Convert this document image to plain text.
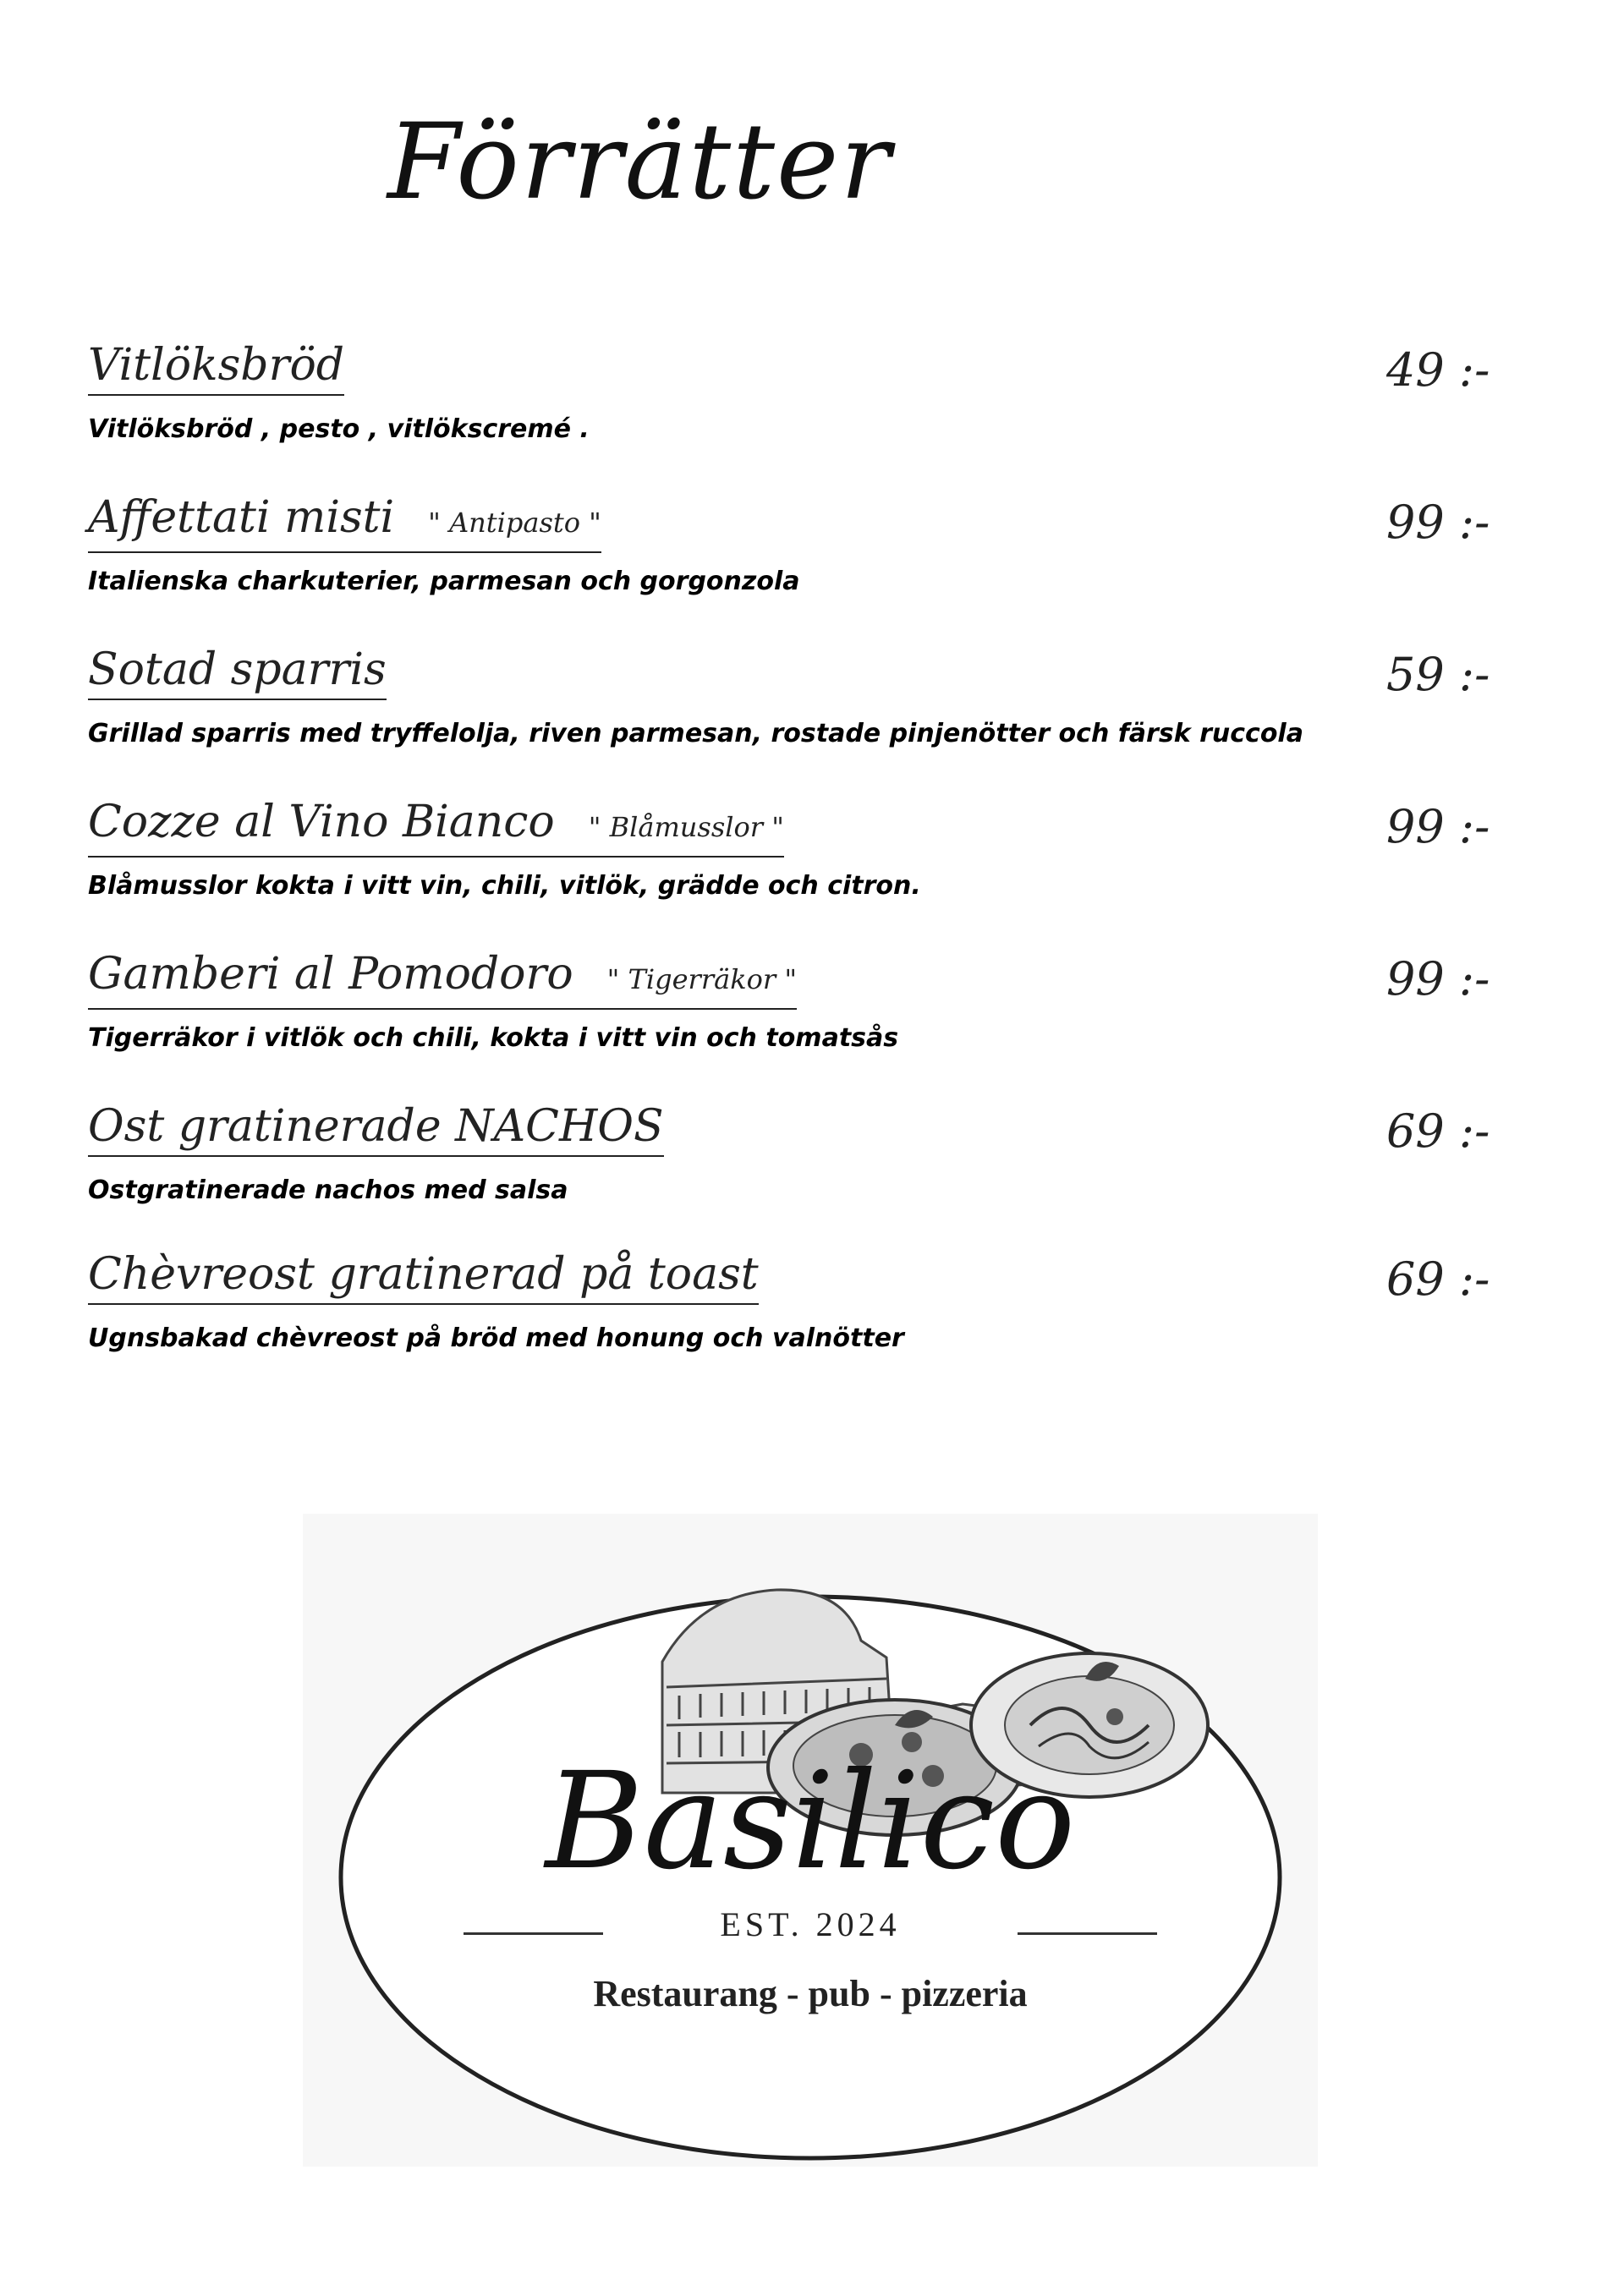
Förrätter
Vitlöksbröd	49 :-
Vitlöksbröd , pesto , vitlökscremé .
Affettati misti " Antipasto "	99 :-
Italienska charkuterier, parmesan och gorgonzola
Sotad sparris	59 :-
Grillad sparris med tryffelolja, riven parmesan, rostade pinjenötter och färsk ruccola
Cozze al Vino Bianco " Blåmusslor "	99 :-
Blåmusslor kokta i vitt vin, chili, vitlök, grädde och citron.
Gamberi al Pomodoro " Tigerräkor "	99 :-
Tigerräkor i vitlök och chili, kokta i vitt vin och tomatsås
Ost gratinerade NACHOS	69 :-
Ostgratinerade nachos med salsa
Chèvreost gratinerad på toast	69 :-
Ugnsbakad chèvreost på bröd med honung och valnötter
Basilico
EST. 2024
Restaurang - pub - pizzeria
